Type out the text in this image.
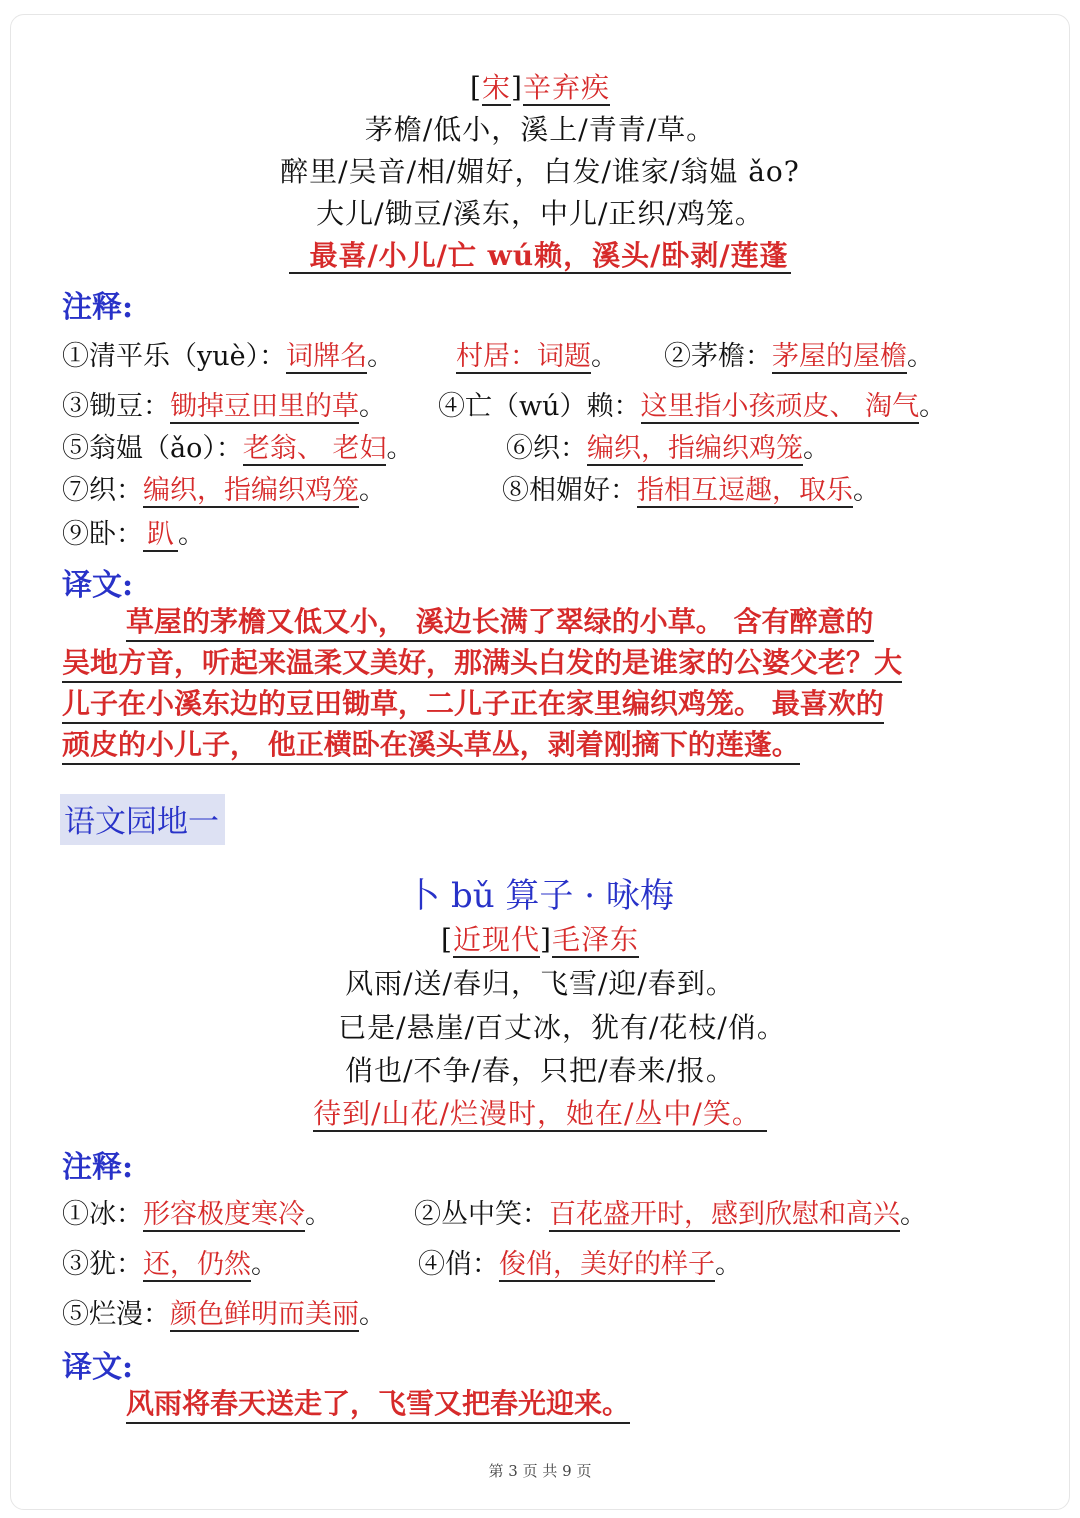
[宋]辛弃疾
茅檐/低小，溪上/青青/草。
醉里/吴音/相/媚好，白发/谁家/翁媪 ǎo?
大儿/锄豆/溪东，中儿/正织/鸡笼。
最喜/小儿/亡 wú赖，溪头/卧剥/莲蓬
注释:
①清平乐（yuè）：词牌名。 村居：词题。 ②茅檐：茅屋的屋檐。
③锄豆：锄掉豆田里的草。 ④亡（wú）赖：这里指小孩顽皮、 淘气。
⑤翁媪（ǎo）：老翁、 老妇。	⑥织：编织，指编织鸡笼。
⑦织：编织，指编织鸡笼。	⑧相媚好：指相互逗趣，取乐。
⑨卧： 趴 。
译文:
草屋的茅檐又低又小， 溪边长满了翠绿的小草。 含有醉意的
吴地方音，听起来温柔又美好，那满头白发的是谁家的公婆父老？大
儿子在小溪东边的豆田锄草，二儿子正在家里编织鸡笼。 最喜欢的
顽皮的小儿子， 他正横卧在溪头草丛，剥着刚摘下的莲蓬。
语文园地一
卜 bǔ 算子 · 咏梅
[近现代]毛泽东
风雨/送/春归，飞雪/迎/春到。
已是/悬崖/百丈冰，犹有/花枝/俏。
俏也/不争/春，只把/春来/报。
待到/山花/烂漫时，她在/丛中/笑。
注释:
①冰：形容极度寒冷。	②丛中笑：百花盛开时，感到欣慰和高兴。
③犹：还，仍然。	④俏：俊俏，美好的样子。
⑤烂漫：颜色鲜明而美丽。
译文:
风雨将春天送走了，飞雪又把春光迎来。
第 3 页 共 9 页
